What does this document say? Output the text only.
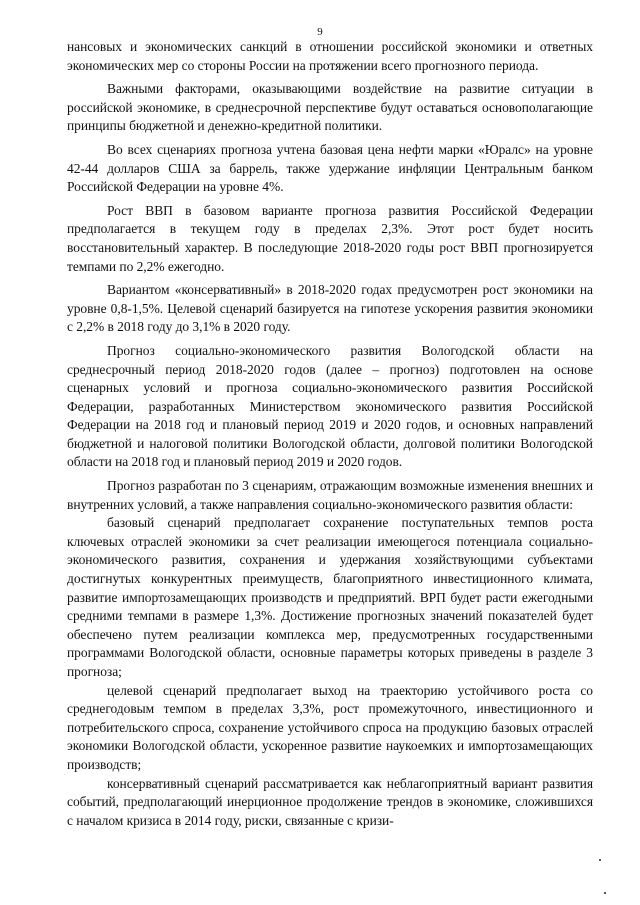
9

нансовых и экономических санкций в отношении российской экономики и ответных экономических мер со стороны России на протяжении всего прогнозного периода.

Важными факторами, оказывающими воздействие на развитие ситуации в российской экономике, в среднесрочной перспективе будут оставаться основополагающие принципы бюджетной и денежно-кредитной политики.

Во всех сценариях прогноза учтена базовая цена нефти марки «Юралс» на уровне 42-44 долларов США за баррель, также удержание инфляции Центральным банком Российской Федерации на уровне 4%.

Рост ВВП в базовом варианте прогноза развития Российской Федерации предполагается в текущем году в пределах 2,3%. Этот рост будет носить восстановительный характер. В последующие 2018-2020 годы рост ВВП прогнозируется темпами по 2,2% ежегодно.

Вариантом «консервативный» в 2018-2020 годах предусмотрен рост экономики на уровне 0,8-1,5%. Целевой сценарий базируется на гипотезе ускорения развития экономики с 2,2% в 2018 году до 3,1% в 2020 году.

Прогноз социально-экономического развития Вологодской области на среднесрочный период 2018-2020 годов (далее – прогноз) подготовлен на основе сценарных условий и прогноза социально-экономического развития Российской Федерации, разработанных Министерством экономического развития Российской Федерации на 2018 год и плановый период 2019 и 2020 годов, и основных направлений бюджетной и налоговой политики Вологодской области, долговой политики Вологодской области на 2018 год и плановый период 2019 и 2020 годов.

Прогноз разработан по 3 сценариям, отражающим возможные изменения внешних и внутренних условий, а также направления социально-экономического развития области:

базовый сценарий предполагает сохранение поступательных темпов роста ключевых отраслей экономики за счет реализации имеющегося потенциала социально-экономического развития, сохранения и удержания хозяйствующими субъектами достигнутых конкурентных преимуществ, благоприятного инвестиционного климата, развитие импортозамещающих производств и предприятий. ВРП будет расти ежегодными средними темпами в размере 1,3%. Достижение прогнозных значений показателей будет обеспечено путем реализации комплекса мер, предусмотренных государственными программами Вологодской области, основные параметры которых приведены в разделе 3 прогноза;

целевой сценарий предполагает выход на траекторию устойчивого роста со среднегодовым темпом в пределах 3,3%, рост промежуточного, инвестиционного и потребительского спроса, сохранение устойчивого спроса на продукцию базовых отраслей экономики Вологодской области, ускоренное развитие наукоемких и импортозамещающих производств;

консервативный сценарий рассматривается как неблагоприятный вариант развития событий, предполагающий инерционное продолжение трендов в экономике, сложившихся с началом кризиса в 2014 году, риски, связанные с кризи-
